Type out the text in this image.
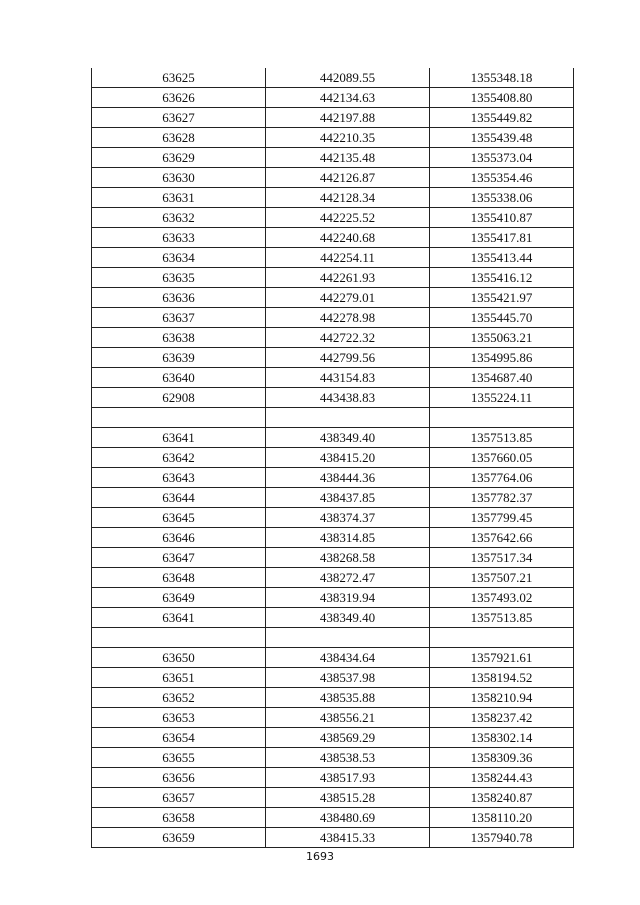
63625	442089.55	1355348.18
63626	442134.63	1355408.80
63627	442197.88	1355449.82
63628	442210.35	1355439.48
63629	442135.48	1355373.04
63630	442126.87	1355354.46
63631	442128.34	1355338.06
63632	442225.52	1355410.87
63633	442240.68	1355417.81
63634	442254.11	1355413.44
63635	442261.93	1355416.12
63636	442279.01	1355421.97
63637	442278.98	1355445.70
63638	442722.32	1355063.21
63639	442799.56	1354995.86
63640	443154.83	1354687.40
62908	443438.83	1355224.11

63641	438349.40	1357513.85
63642	438415.20	1357660.05
63643	438444.36	1357764.06
63644	438437.85	1357782.37
63645	438374.37	1357799.45
63646	438314.85	1357642.66
63647	438268.58	1357517.34
63648	438272.47	1357507.21
63649	438319.94	1357493.02
63641	438349.40	1357513.85

63650	438434.64	1357921.61
63651	438537.98	1358194.52
63652	438535.88	1358210.94
63653	438556.21	1358237.42
63654	438569.29	1358302.14
63655	438538.53	1358309.36
63656	438517.93	1358244.43
63657	438515.28	1358240.87
63658	438480.69	1358110.20
63659	438415.33	1357940.78
1693
